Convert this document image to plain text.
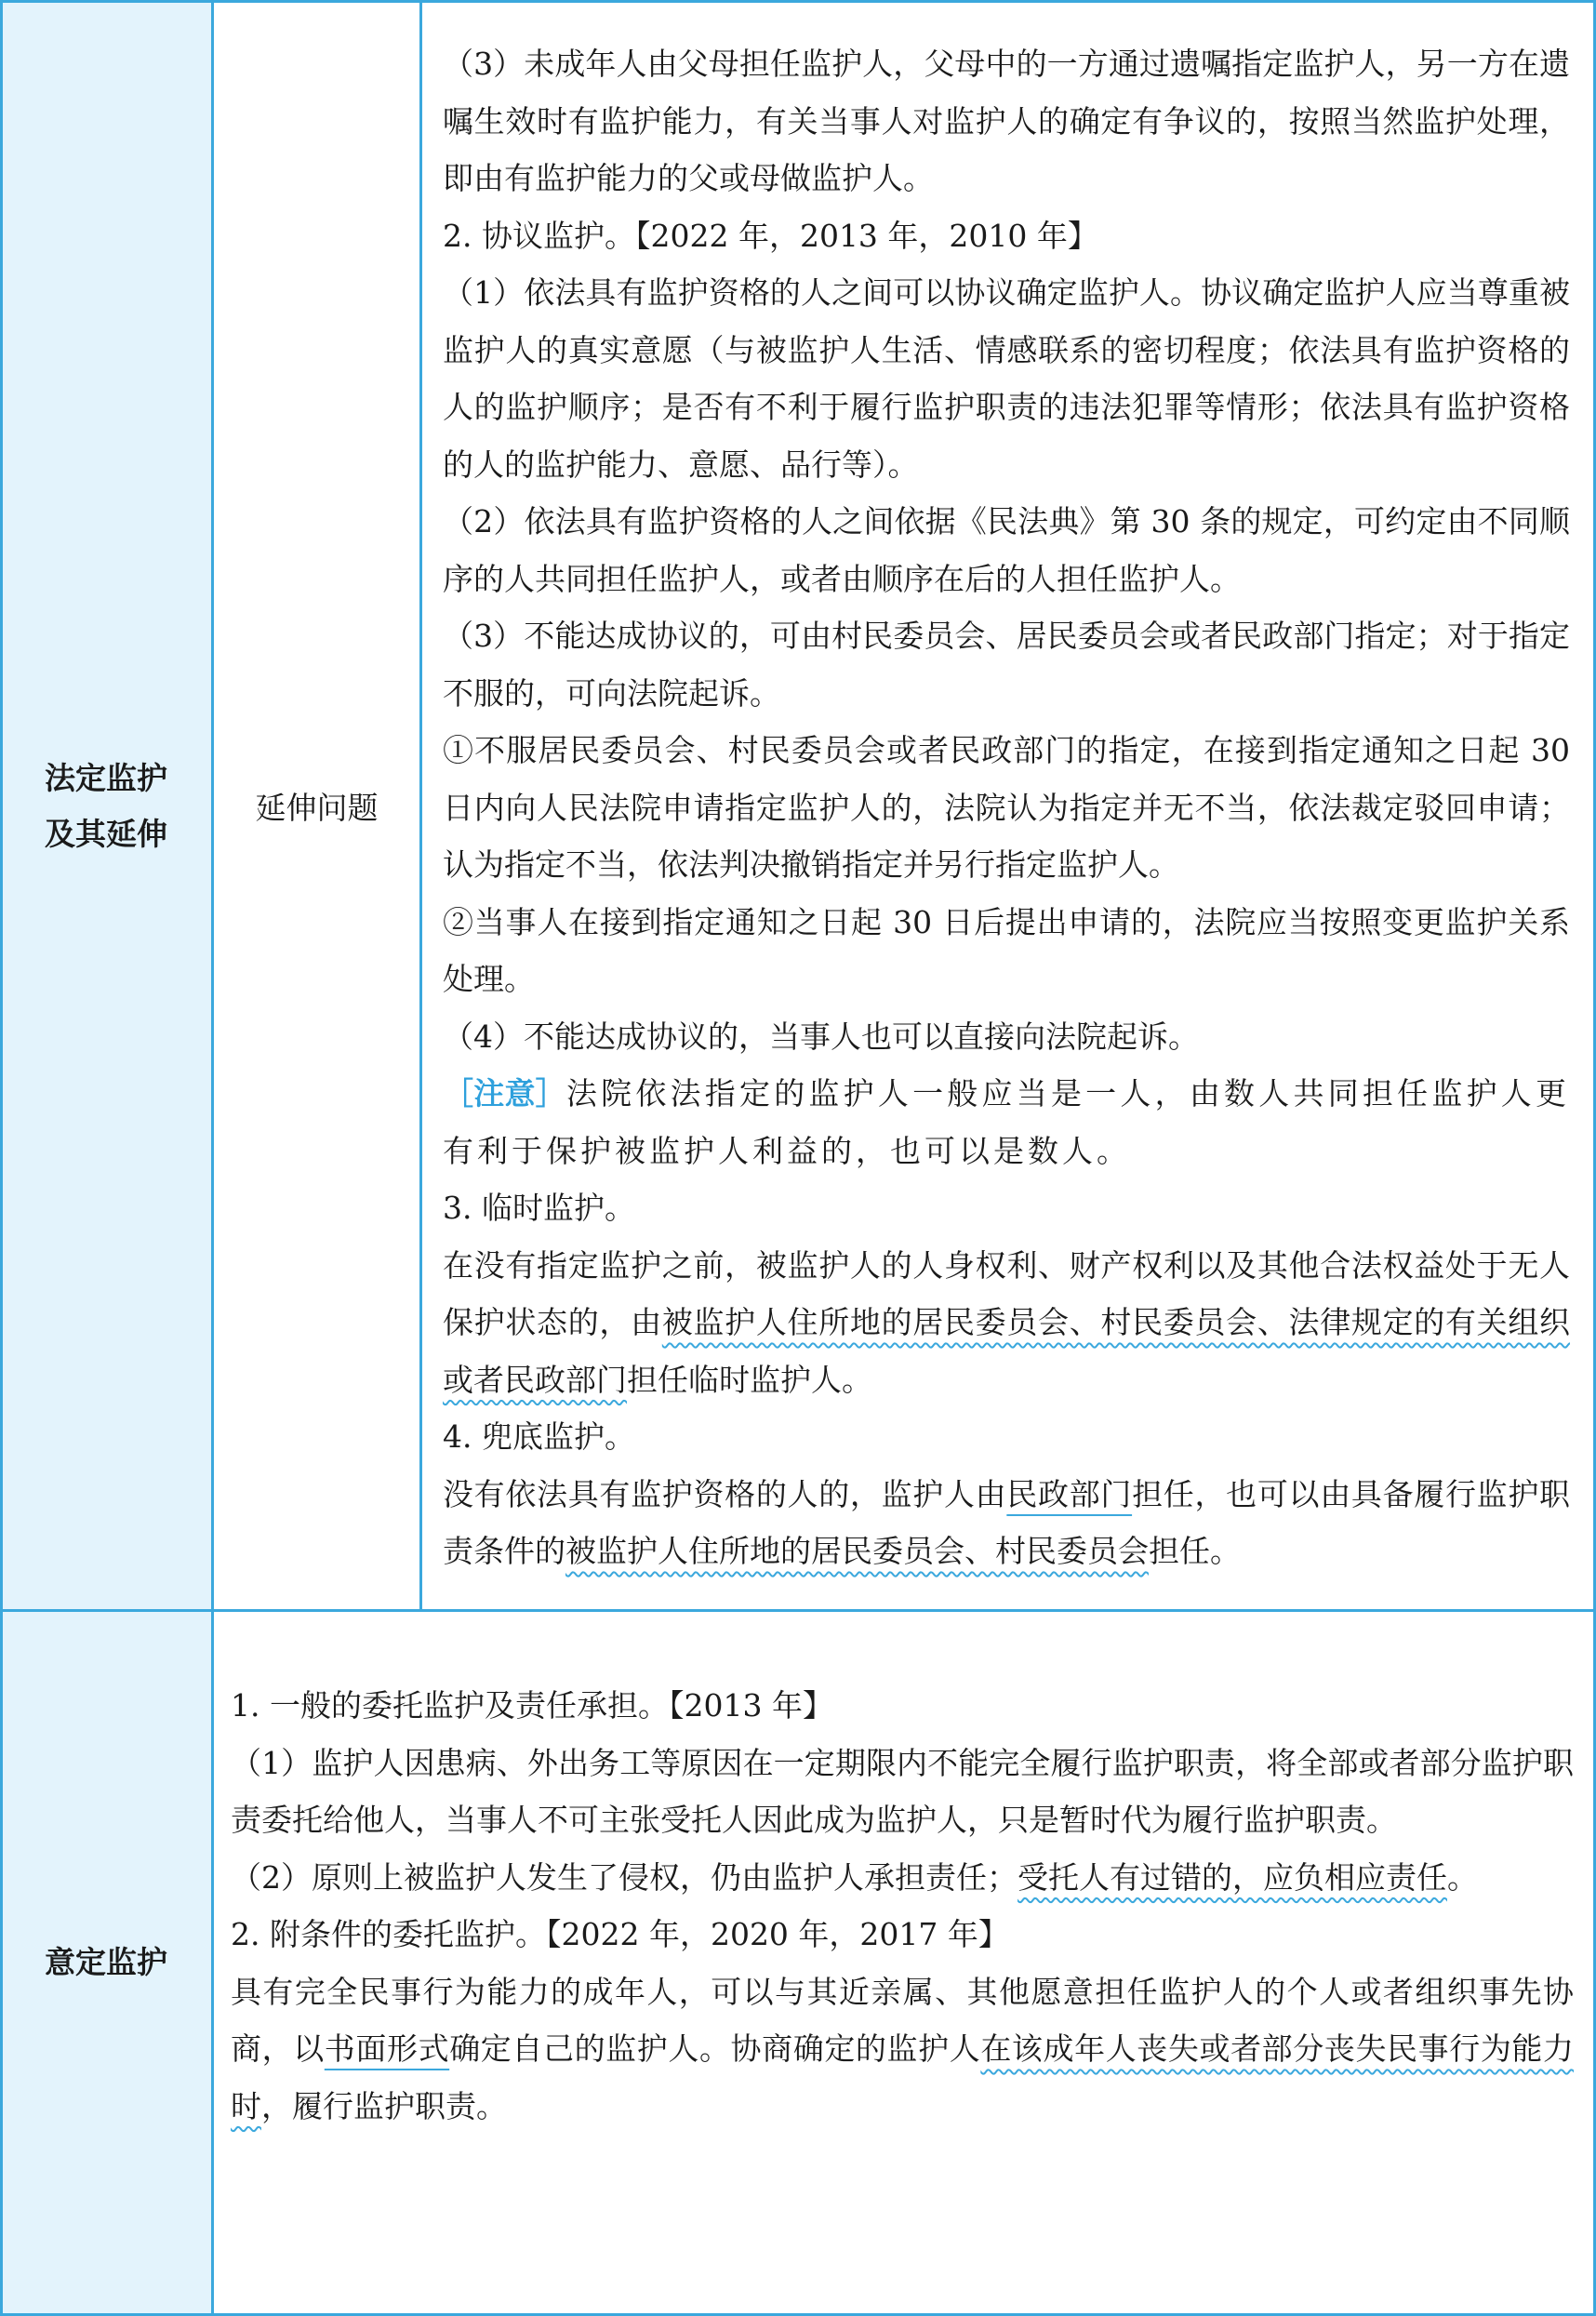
法定监护
及其延伸
延伸问题

（3）未成年人由父母担任监护人，父母中的一方通过遗嘱指定监护人，另一方在遗嘱生效时有监护能力，有关当事人对监护人的确定有争议的，按照当然监护处理，即由有监护能力的父或母做监护人。

2. 协议监护。【2022 年，2013 年，2010 年】

（1）依法具有监护资格的人之间可以协议确定监护人。协议确定监护人应当尊重被监护人的真实意愿（与被监护人生活、情感联系的密切程度；依法具有监护资格的人的监护顺序；是否有不利于履行监护职责的违法犯罪等情形；依法具有监护资格的人的监护能力、意愿、品行等）。

（2）依法具有监护资格的人之间依据《民法典》第 30 条的规定，可约定由不同顺序的人共同担任监护人，或者由顺序在后的人担任监护人。

（3）不能达成协议的，可由村民委员会、居民委员会或者民政部门指定；对于指定不服的，可向法院起诉。

①不服居民委员会、村民委员会或者民政部门的指定，在接到指定通知之日起 30 日内向人民法院申请指定监护人的，法院认为指定并无不当，依法裁定驳回申请；认为指定不当，依法判决撤销指定并另行指定监护人。

②当事人在接到指定通知之日起 30 日后提出申请的，法院应当按照变更监护关系处理。

（4）不能达成协议的，当事人也可以直接向法院起诉。

［注意］法院依法指定的监护人一般应当是一人，由数人共同担任监护人更有利于保护被监护人利益的，也可以是数人。

3. 临时监护。

在没有指定监护之前，被监护人的人身权利、财产权利以及其他合法权益处于无人保护状态的，由被监护人住所地的居民委员会、村民委员会、法律规定的有关组织或者民政部门担任临时监护人。

4. 兜底监护。

没有依法具有监护资格的人的，监护人由民政部门担任，也可以由具备履行监护职责条件的被监护人住所地的居民委员会、村民委员会担任。

意定监护

1. 一般的委托监护及责任承担。【2013 年】

（1）监护人因患病、外出务工等原因在一定期限内不能完全履行监护职责，将全部或者部分监护职责委托给他人，当事人不可主张受托人因此成为监护人，只是暂时代为履行监护职责。

（2）原则上被监护人发生了侵权，仍由监护人承担责任；受托人有过错的，应负相应责任。

2. 附条件的委托监护。【2022 年，2020 年，2017 年】

具有完全民事行为能力的成年人，可以与其近亲属、其他愿意担任监护人的个人或者组织事先协商，以书面形式确定自己的监护人。协商确定的监护人在该成年人丧失或者部分丧失民事行为能力时，履行监护职责。
